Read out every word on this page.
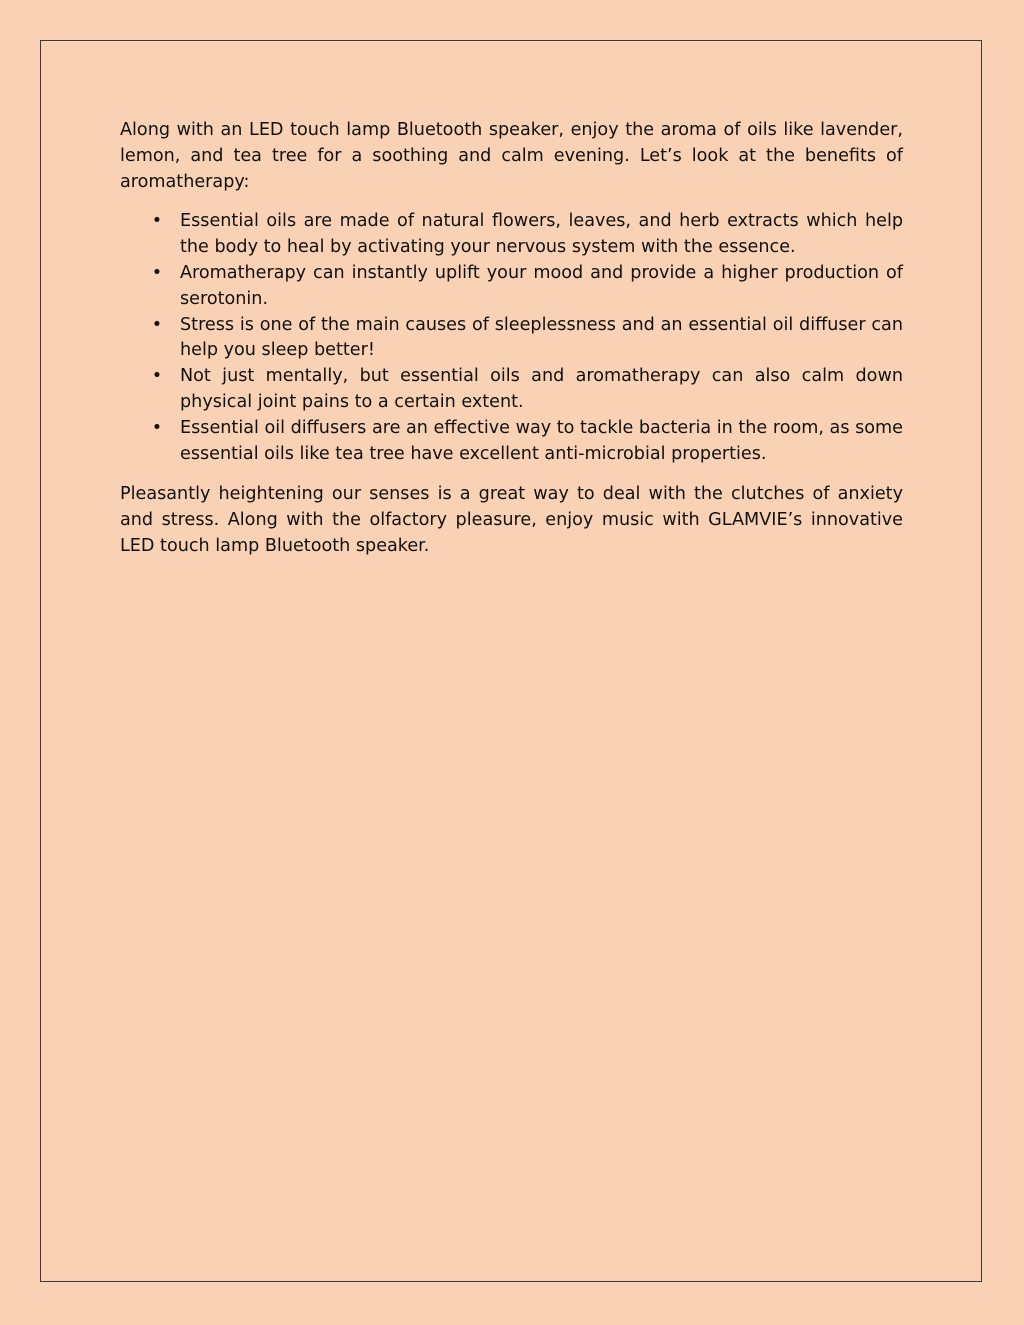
Along with an LED touch lamp Bluetooth speaker, enjoy the aroma of oils like lavender, lemon, and tea tree for a soothing and calm evening. Let’s look at the benefits of aromatherapy:

• Essential oils are made of natural flowers, leaves, and herb extracts which help the body to heal by activating your nervous system with the essence.
• Aromatherapy can instantly uplift your mood and provide a higher production of serotonin.
• Stress is one of the main causes of sleeplessness and an essential oil diffuser can help you sleep better!
• Not just mentally, but essential oils and aromatherapy can also calm down physical joint pains to a certain extent.
• Essential oil diffusers are an effective way to tackle bacteria in the room, as some essential oils like tea tree have excellent anti-microbial properties.

Pleasantly heightening our senses is a great way to deal with the clutches of anxiety and stress. Along with the olfactory pleasure, enjoy music with GLAMVIE’s innovative LED touch lamp Bluetooth speaker.
